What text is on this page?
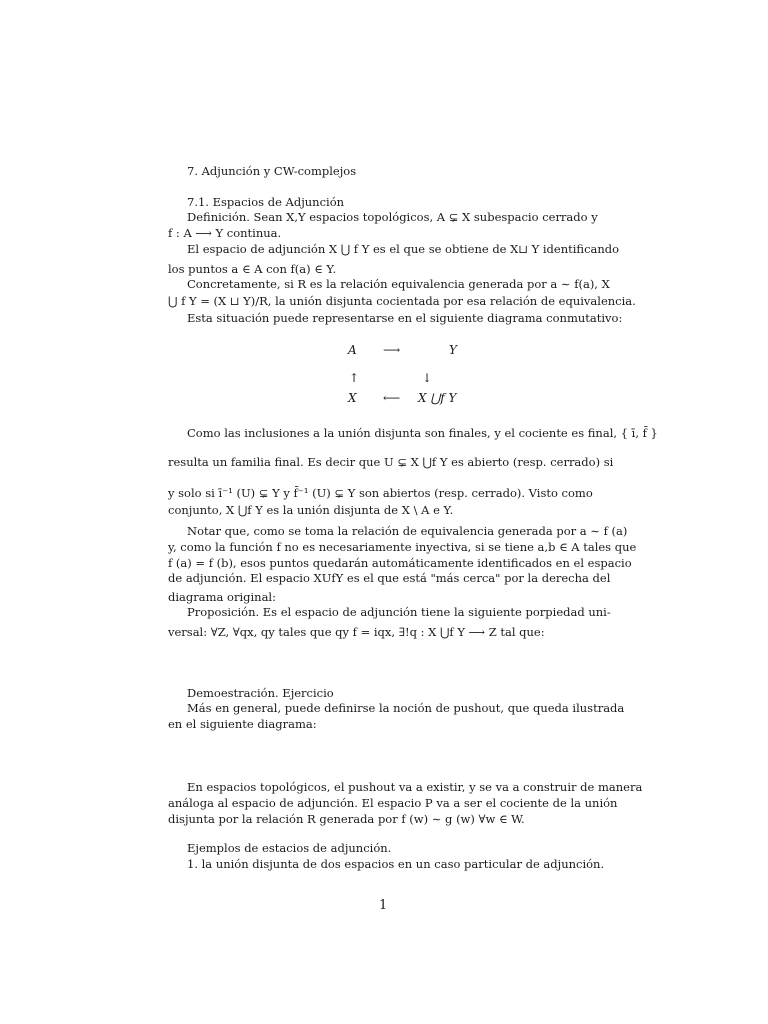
7. Adjunción y CW-complejos
7.1. Espacios de Adjunción
Definición. Sean X,Y espacios topológicos, A ⊊ X subespacio cerrado y
f : A ⟶ Y continua.
El espacio de adjunción X ⋃ f Y es el que se obtiene de X⊔ Y identificando
los puntos a ∈ A con f(a) ∈ Y.
Concretamente, si R es la relación equivalencia generada por a ∼ f(a), X
⋃ f Y = (X ⊔ Y)/R, la unión disjunta cocientada por esa relación de equivalencia.
Esta situación puede representarse en el siguiente diagrama conmutativo:
A ⟶	Y
↑	↓
X ⟵ X ⋃f Y
Como las inclusiones a la unión disjunta son finales, y el cociente es final, { ī, f̄ }
resulta un familia final. Es decir que U ⊊ X ⋃f Y es abierto (resp. cerrado) si
y solo si ī⁻¹ (U) ⊊ Y y f̄⁻¹ (U) ⊊ Y son abiertos (resp. cerrado). Visto como
conjunto, X ⋃f Y es la unión disjunta de X \ A e Y.
Notar que, como se toma la relación de equivalencia generada por a ∼ f (a)
y, como la función f no es necesariamente inyectiva, si se tiene a,b ∈ A tales que
f (a) = f (b), esos puntos quedarán automáticamente identificados en el espacio
de adjunción. El espacio XUfY es el que está "más cerca" por la derecha del
diagrama original:
Proposición. Es el espacio de adjunción tiene la siguiente porpiedad uni-
versal: ∀Z, ∀qx, qy tales que qy f = iqx, ∃!q : X ⋃f Y ⟶ Z tal que:
Demoestración. Ejercicio
Más en general, puede definirse la noción de pushout, que queda ilustrada
en el siguiente diagrama:
En espacios topológicos, el pushout va a existir, y se va a construir de manera
análoga al espacio de adjunción. El espacio P va a ser el cociente de la unión
disjunta por la relación R generada por f (w) ∼ g (w) ∀w ∈ W.
Ejemplos de estacios de adjunción.
1. la unión disjunta de dos espacios en un caso particular de adjunción.
1
